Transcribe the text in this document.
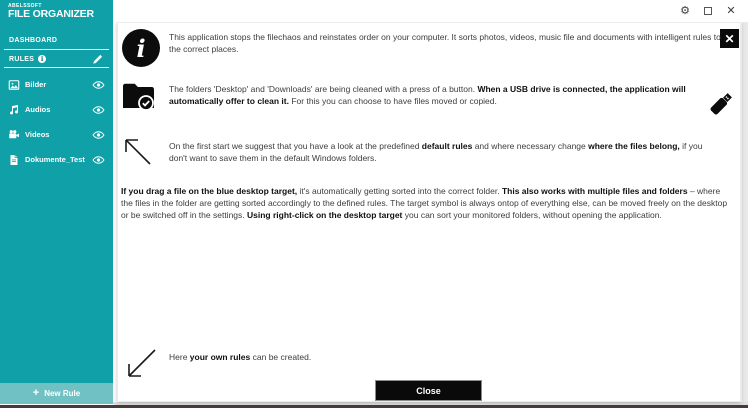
⚙	✕
ABELSSOFT
FILE ORGANIZER
DASHBOARD
RULES	i
Bilder
Audios
Videos
Dokumente_Test
+ New Rule
✕
i	This application stops the filechaos and reinstates order on your computer. It sorts photos, videos, music file and documents with intelligent rules to the correct places.
The folders 'Desktop' and 'Downloads' are being cleaned with a press of a button. When a USB drive is connected, the application will automatically offer to clean it. For this you can choose to have files moved or copied.
On the first start we suggest that you have a look at the predefined default rules and where necessary change where the files belong, if you don't want to save them in the default Windows folders.
If you drag a file on the blue desktop target, it's automatically getting sorted into the correct folder. This also works with multiple files and folders – where the files in the folder are getting sorted accordingly to the defined rules. The target symbol is always ontop of everything else, can be moved freely on the desktop or be switched off in the settings. Using right-click on the desktop target you can sort your monitored folders, without opening the application.
Here your own rules can be created.
Close
